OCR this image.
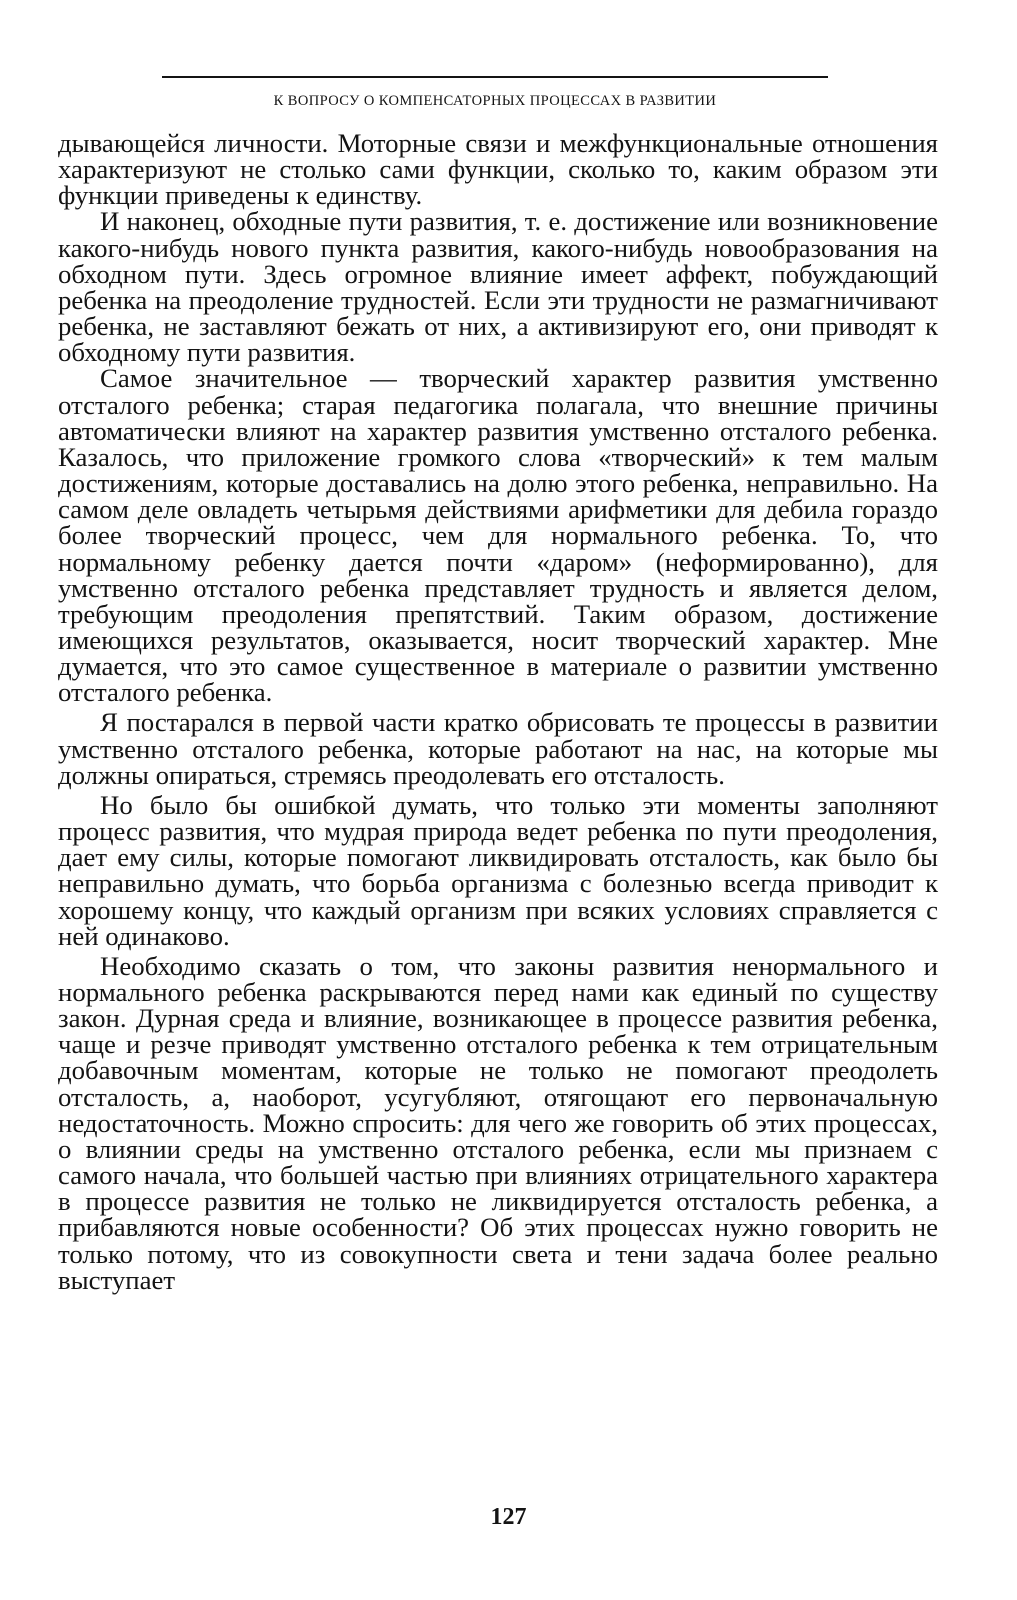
К ВОПРОСУ О КОМПЕНСАТОРНЫХ ПРОЦЕССАХ В РАЗВИТИИ

дывающейся личности. Моторные связи и межфункциональные отношения характеризуют не столько сами функции, сколько то, каким образом эти функции приведены к единству.

И наконец, обходные пути развития, т. е. достижение или возникновение какого-нибудь нового пункта развития, какого-нибудь новообразования на обходном пути. Здесь огромное влияние имеет аффект, побуждающий ребенка на преодоление трудностей. Если эти трудности не размагничивают ребенка, не заставляют бежать от них, а активизируют его, они приводят к обходному пути развития.

Самое значительное — творческий характер развития умственно отсталого ребенка; старая педагогика полагала, что внешние причины автоматически влияют на характер развития умственно отсталого ребенка. Казалось, что приложение громкого слова «творческий» к тем малым достижениям, которые доставались на долю этого ребенка, неправильно. На самом деле овладеть четырьмя действиями арифметики для дебила гораздо более творческий процесс, чем для нормального ребенка. То, что нормальному ребенку дается почти «даром» (неформированно), для умственно отсталого ребенка представляет трудность и является делом, требующим преодоления препятствий. Таким образом, достижение имеющихся результатов, оказывается, носит творческий характер. Мне думается, что это самое существенное в материале о развитии умственно отсталого ребенка.

Я постарался в первой части кратко обрисовать те процессы в развитии умственно отсталого ребенка, которые работают на нас, на которые мы должны опираться, стремясь преодолевать его отсталость.

Но было бы ошибкой думать, что только эти моменты заполняют процесс развития, что мудрая природа ведет ребенка по пути преодоления, дает ему силы, которые помогают ликвидировать отсталость, как было бы неправильно думать, что борьба организма с болезнью всегда приводит к хорошему концу, что каждый организм при всяких условиях справляется с ней одинаково.

Необходимо сказать о том, что законы развития ненормального и нормального ребенка раскрываются перед нами как единый по существу закон. Дурная среда и влияние, возникающее в процессе развития ребенка, чаще и резче приводят умственно отсталого ребенка к тем отрицательным добавочным моментам, которые не только не помогают преодолеть отсталость, а, наоборот, усугубляют, отягощают его первоначальную недостаточность. Можно спросить: для чего же говорить об этих процессах, о влиянии среды на умственно отсталого ребенка, если мы признаем с самого начала, что большей частью при влияниях отрицательного характера в процессе развития не только не ликвидируется отсталость ребенка, а прибавляются новые особенности? Об этих процессах нужно говорить не только потому, что из совокупности света и тени задача более реально выступает

127
